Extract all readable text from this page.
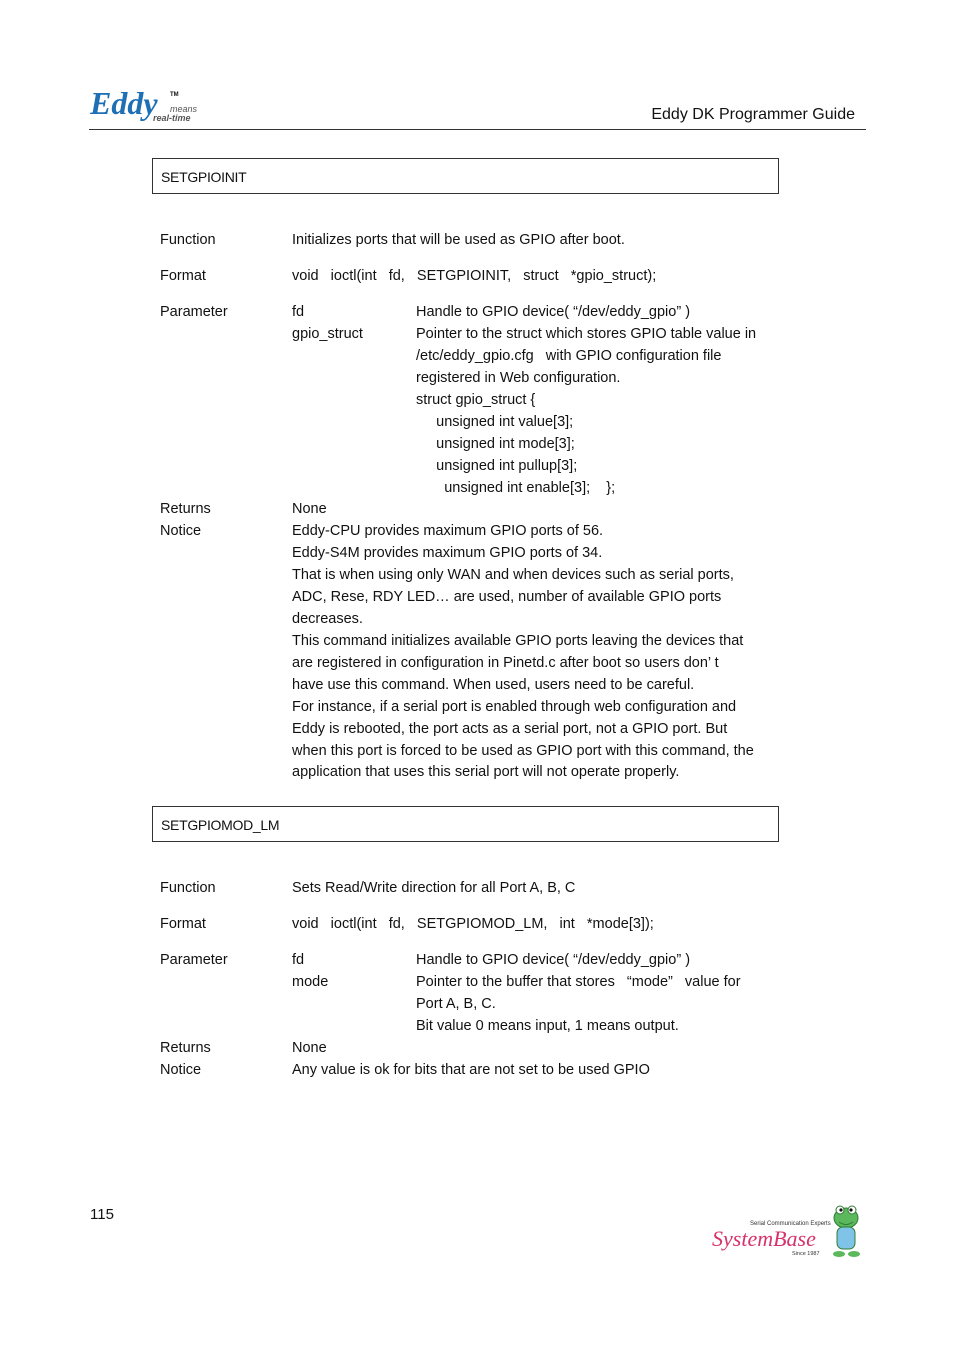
Eddy TM
means
real-time	Eddy DK Programmer Guide
SETGPIOINIT
Function	Initializes ports that will be used as GPIO after boot.
Format	void   ioctl(int   fd,   SETGPIOINIT,   struct   *gpio_struct);
Parameter	fd	Handle to GPIO device( “/dev/eddy_gpio” )
gpio_struct	Pointer to the struct which stores GPIO table value in
/etc/eddy_gpio.cfg   with GPIO configuration file
registered in Web configuration.
struct gpio_struct {
unsigned int value[3];
unsigned int mode[3];
unsigned int pullup[3];
unsigned int enable[3];    };
Returns	None
Notice	Eddy-CPU provides maximum GPIO ports of 56.
Eddy-S4M provides maximum GPIO ports of 34.
That is when using only WAN and when devices such as serial ports,
ADC, Rese, RDY LED… are used, number of available GPIO ports
decreases.
This command initializes available GPIO ports leaving the devices that
are registered in configuration in Pinetd.c after boot so users don’ t
have use this command. When used, users need to be careful.
For instance, if a serial port is enabled through web configuration and
Eddy is rebooted, the port acts as a serial port, not a GPIO port. But
when this port is forced to be used as GPIO port with this command, the
application that uses this serial port will not operate properly.
SETGPIOMOD_LM
Function	Sets Read/Write direction for all Port A, B, C
Format	void   ioctl(int   fd,   SETGPIOMOD_LM,   int   *mode[3]);
Parameter	fd	Handle to GPIO device( “/dev/eddy_gpio” )
mode	Pointer to the buffer that stores   “mode”   value for
Port A, B, C.
Bit value 0 means input, 1 means output.
Returns	None
Notice	Any value is ok for bits that are not set to be used GPIO
115
Serial Communication Experts
SystemBase
Since 1987
